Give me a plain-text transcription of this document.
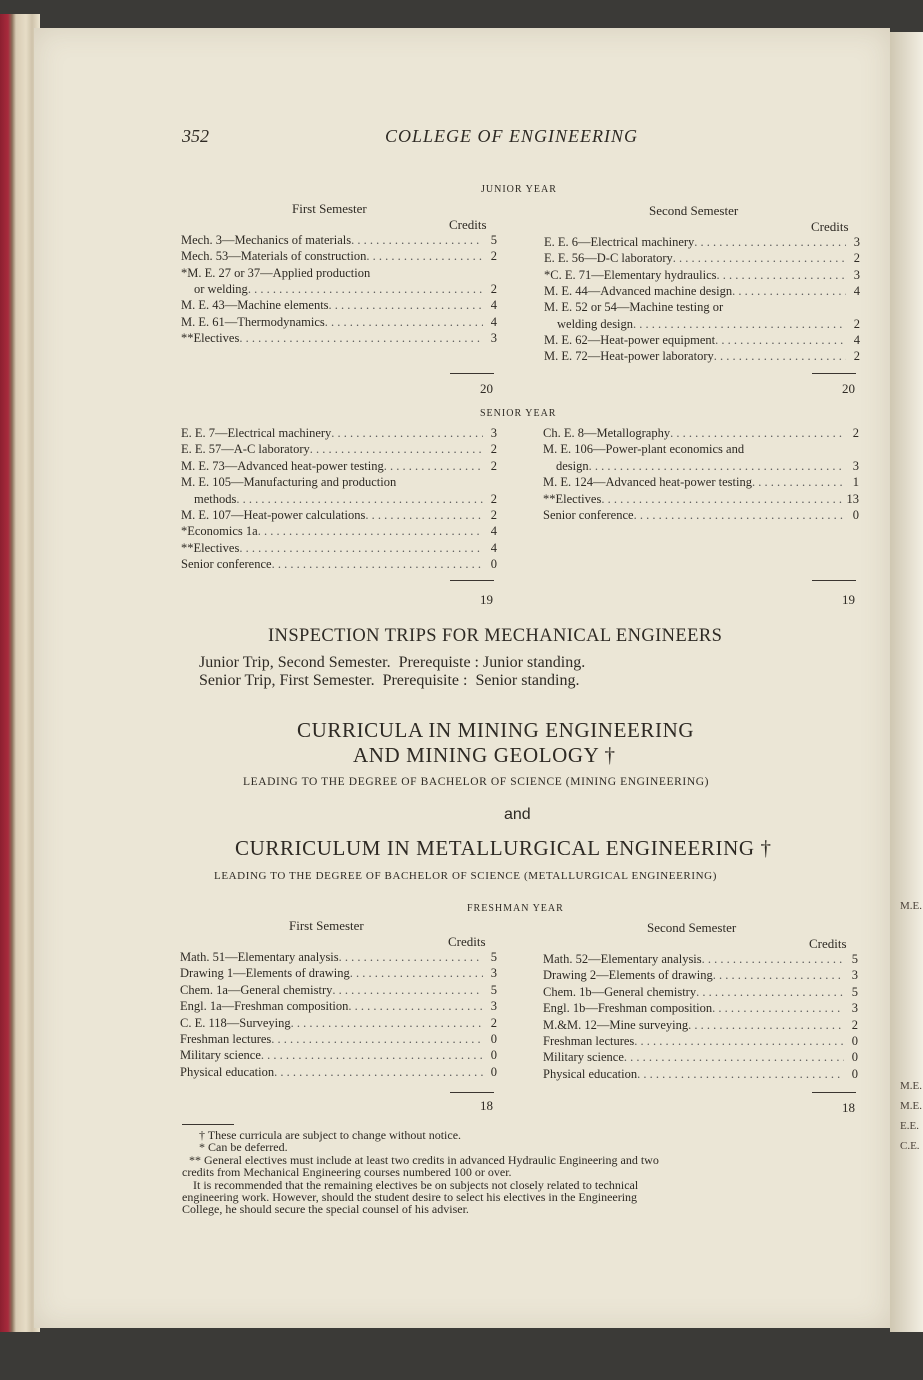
352	COLLEGE OF ENGINEERING
JUNIOR YEAR
First Semester
Credits
Second Semester
Credits
Mech. 3—Mechanics of materials . . .	5
Mech. 53—Materials of construction . . .	2
*M. E. 27 or 37—Applied production
or welding . . .	2
M. E. 43—Machine elements . . .	4
M. E. 61—Thermodynamics . . .	4
**Electives . . .	3
E. E. 6—Electrical machinery . . .	3
E. E. 56—D-C laboratory . . .	2
*C. E. 71—Elementary hydraulics . . .	3
M. E. 44—Advanced machine design . . .	4
M. E. 52 or 54—Machine testing or
welding design . . .	2
M. E. 62—Heat-power equipment . . .	4
M. E. 72—Heat-power laboratory . . .	2
20	20
SENIOR YEAR
E. E. 7—Electrical machinery . . .	3
E. E. 57—A-C laboratory . . .	2
M. E. 73—Advanced heat-power testing . . .	2
M. E. 105—Manufacturing and production
methods . . .	2
M. E. 107—Heat-power calculations . . .	2
*Economics 1a . . .	4
**Electives . . .	4
Senior conference . . .	0
Ch. E. 8—Metallography . . .	2
M. E. 106—Power-plant economics and
design . . .	3
M. E. 124—Advanced heat-power testing . . .	1
**Electives . . .	13
Senior conference . . .	0
19	19
INSPECTION TRIPS FOR MECHANICAL ENGINEERS
Junior Trip, Second Semester.  Prerequiste : Junior standing.
Senior Trip, First Semester.  Prerequisite :  Senior standing.
CURRICULA IN MINING ENGINEERING
AND MINING GEOLOGY †
LEADING TO THE DEGREE OF BACHELOR OF SCIENCE (MINING ENGINEERING)
and
CURRICULUM IN METALLURGICAL ENGINEERING †
LEADING TO THE DEGREE OF BACHELOR OF SCIENCE (METALLURGICAL ENGINEERING)
FRESHMAN YEAR
First Semester
Credits
Second Semester
Credits
Math. 51—Elementary analysis . . .	5
Drawing 1—Elements of drawing . . .	3
Chem. 1a—General chemistry . . .	5
Engl. 1a—Freshman composition . . .	3
C. E. 118—Surveying . . .	2
Freshman lectures . . .	0
Military science . . .	0
Physical education . . .	0
Math. 52—Elementary analysis . . .	5
Drawing 2—Elements of drawing . . .	3
Chem. 1b—General chemistry . . .	5
Engl. 1b—Freshman composition . . .	3
M.&M. 12—Mine surveying . . .	2
Freshman lectures . . .	0
Military science . . .	0
Physical education . . .	0
18	18
† These curricula are subject to change without notice.
* Can be deferred.
** General electives must include at least two credits in advanced Hydraulic Engineering and two
credits from Mechanical Engineering courses numbered 100 or over.
It is recommended that the remaining electives be on subjects not closely related to technical
engineering work. However, should the student desire to select his electives in the Engineering
College, he should secure the special counsel of his adviser.
M.E.
M.E.
M.E.
E.E.
C.E.
